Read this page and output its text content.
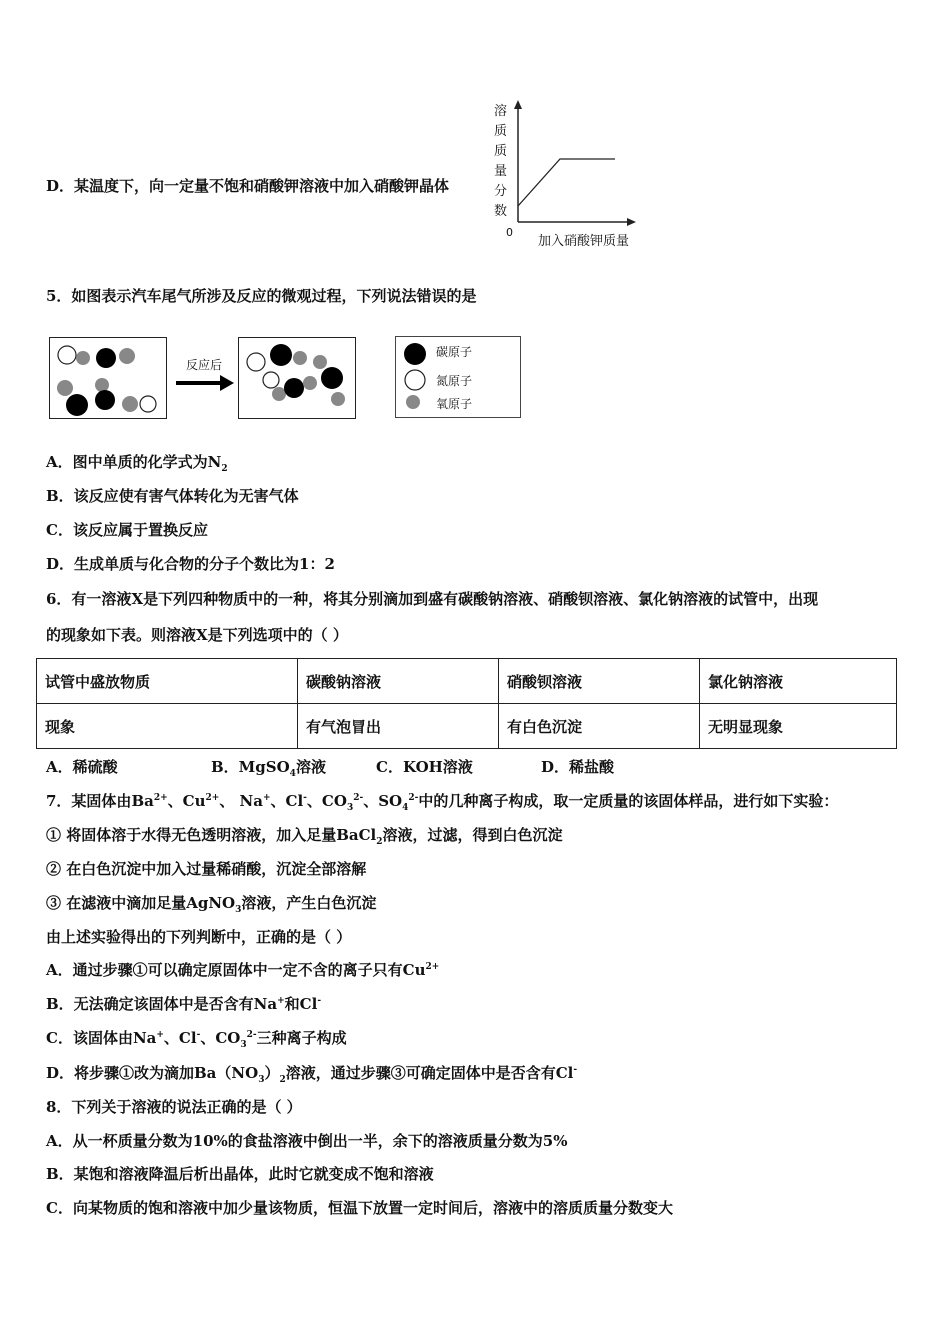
D．某温度下，向一定量不饱和硝酸钾溶液中加入硝酸钾晶体
溶质质量分数
0
加入硝酸钾质量
5．如图表示汽车尾气所涉及反应的微观过程，下列说法错误的是
反应后
碳原子
氮原子
氧原子
A．图中单质的化学式为$N_2$
B．该反应使有害气体转化为无害气体
C．该反应属于置换反应
D．生成单质与化合物的分子个数比为1：2
6．有一溶液X是下列四种物质中的一种，将其分别滴加到盛有碳酸钠溶液、硝酸钡溶液、氯化钠溶液的试管中，出现
的现象如下表。则溶液X是下列选项中的（ ）
试管中盛放物质	碳酸钠溶液	硝酸钡溶液	氯化钠溶液
现象	有气泡冒出	有白色沉淀	无明显现象
A．稀硫酸	B．MgSO$_4$溶液	C．KOH溶液	D．稀盐酸
7．某固体由$Ba^{2+}$、$Cu^{2+}$、 Na+、Cl-、$CO_3^{2-}$、$SO_4^{2-}$中的几种离子构成，取一定质量的该固体样品，进行如下实验：
① 将固体溶于水得无色透明溶液，加入足量BaCl$_2$溶液，过滤，得到白色沉淀
② 在白色沉淀中加入过量稀硝酸，沉淀全部溶解
③ 在滤液中滴加足量AgNO$_3$溶液，产生白色沉淀
由上述实验得出的下列判断中，正确的是（ ）
A．通过步骤①可以确定原固体中一定不含的离子只有$Cu^{2+}$
B．无法确定该固体中是否含有Na+和Cl-
C．该固体由Na+、Cl-、$CO_3^{2-}$三种离子构成
D．将步骤①改为滴加$Ba(NO_3)_2$溶液，通过步骤③可确定固体中是否含有Cl-
8．下列关于溶液的说法正确的是（ ）
A．从一杯质量分数为10%的食盐溶液中倒出一半，余下的溶液质量分数为5%
B．某饱和溶液降温后析出晶体，此时它就变成不饱和溶液
C．向某物质的饱和溶液中加少量该物质，恒温下放置一定时间后，溶液中的溶质质量分数变大
